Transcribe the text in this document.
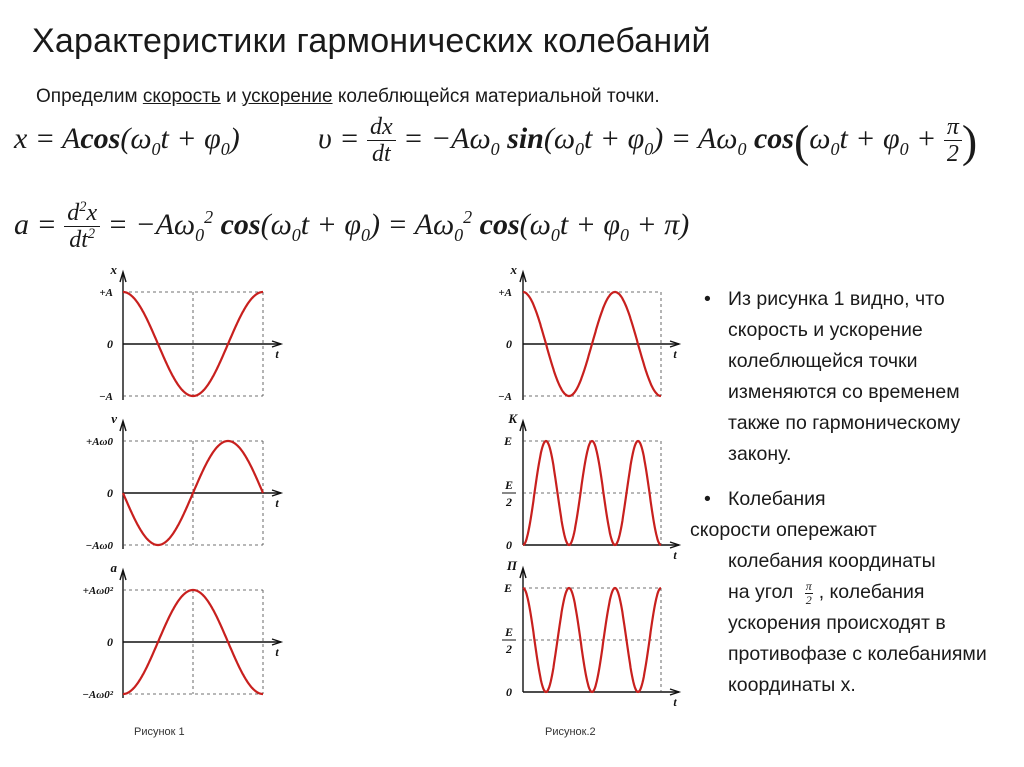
Характеристики гармонических колебаний
Определим скорость и ускорение колеблющейся материальной точки.
$x = Acos(\omega_0t + \varphi_0)$	$\upsilon = \frac{dx}{dt} = -A\omega_0$ $\sin(\omega_0t + \varphi_0) = A\omega_0$ $\cos(\omega_0t + \varphi_0 + \frac{\pi}{2}$ )
$a = \frac{d^2x}{dt^2} = -A\omega_0^2$ $\cos(\omega_0t + \varphi_0) = A\omega_0^2$ $\cos(\omega_0t + \varphi_0 + \pi)$
x
t
+A
0
−A
v
t
+Aω0
0
−Aω0
a
t
+Aω0²
0
−Aω0²
x
t
+A
0
−A
K
t
E
E
2
0
П
t
E
E
2
0
Рисунок 1	Рисунок.2
• Из рисунка 1 видно, что скорость и ускорение колеблющейся точки изменяются со временем также по гармоническому закону.
• Колебания
скорости опережают
колебания координаты
на угол $\frac{\pi}{2}$ , колебания ускорения происходят в противофазе с колебаниями координаты х.
